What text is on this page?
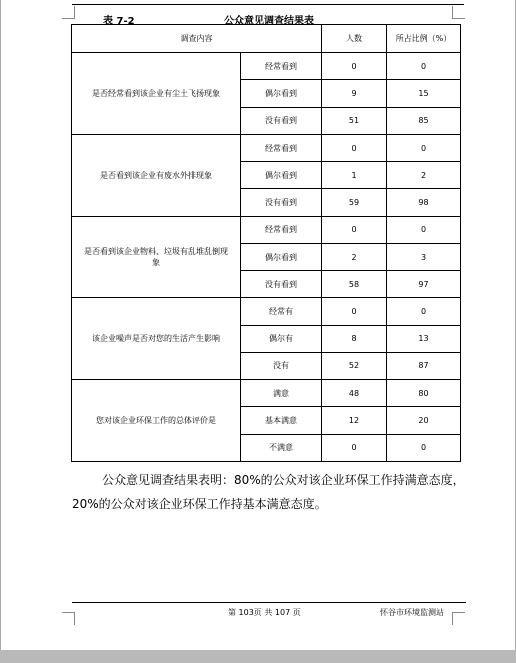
表 7-2	公众意见调查结果表
调查内容		人数	所占比例（%）
是否经常看到该企业有尘土飞扬现象	经常看到	0	0
	偶尔看到	9	15
	没有看到	51	85
是否看到该企业有废水外排现象	经常看到	0	0
	偶尔看到	1	2
	没有看到	59	98
是否看到该企业物料、垃圾有乱堆乱倒现象	经常看到	0	0
	偶尔看到	2	3
	没有看到	58	97
该企业噪声是否对您的生活产生影响	经常有	0	0
	偶尔有	8	13
	没有	52	87
您对该企业环保工作的总体评价是	满意	48	80
	基本满意	12	20
	不满意	0	0
公众意见调查结果表明：80%的公众对该企业环保工作持满意态度，20%的公众对该企业环保工作持基本满意态度。
第 103页 共 107 页	怀谷市环境监测站
